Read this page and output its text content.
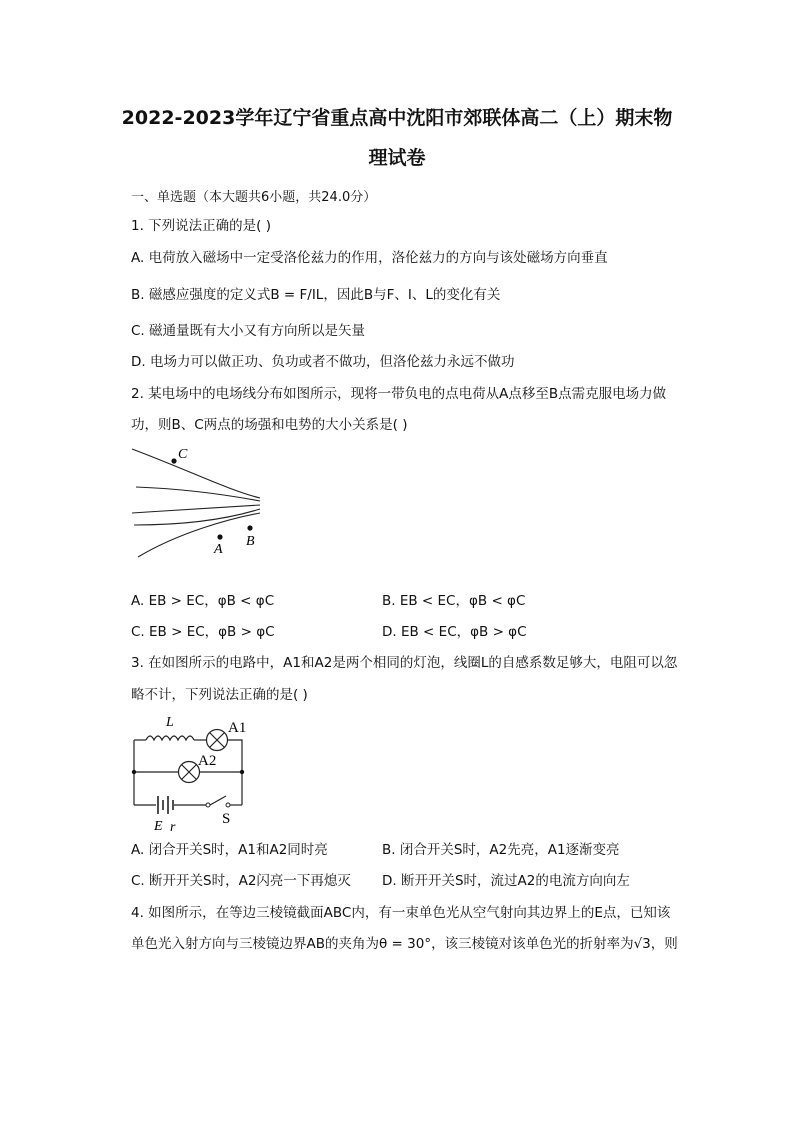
2022-2023学年辽宁省重点高中沈阳市郊联体高二（上）期末物
理试卷
一、单选题（本大题共6小题，共24.0分）
1. 下列说法正确的是( )
A. 电荷放入磁场中一定受洛伦兹力的作用，洛伦兹力的方向与该处磁场方向垂直
B. 磁感应强度的定义式B = F/IL，因此B与F、I、L的变化有关
C. 磁通量既有大小又有方向所以是矢量
D. 电场力可以做正功、负功或者不做功，但洛伦兹力永远不做功
2. 某电场中的电场线分布如图所示，现将一带负电的点电荷从A点移至B点需克服电场力做
功，则B、C两点的场强和电势的大小关系是( )
C
A
B
A. EB > EC，φB < φC	B. EB < EC，φB < φC
C. EB > EC，φB > φC	D. EB < EC，φB > φC
3. 在如图所示的电路中，A1和A2是两个相同的灯泡，线圈L的自感系数足够大，电阻可以忽
略不计，下列说法正确的是( )
L	A1
A2
S
E r
A. 闭合开关S时，A1和A2同时亮	B. 闭合开关S时，A2先亮，A1逐渐变亮
C. 断开开关S时，A2闪亮一下再熄灭 D. 断开开关S时，流过A2的电流方向向左
4. 如图所示，在等边三棱镜截面ABC内，有一束单色光从空气射向其边界上的E点，已知该
单色光入射方向与三棱镜边界AB的夹角为θ = 30°，该三棱镜对该单色光的折射率为√3，则
